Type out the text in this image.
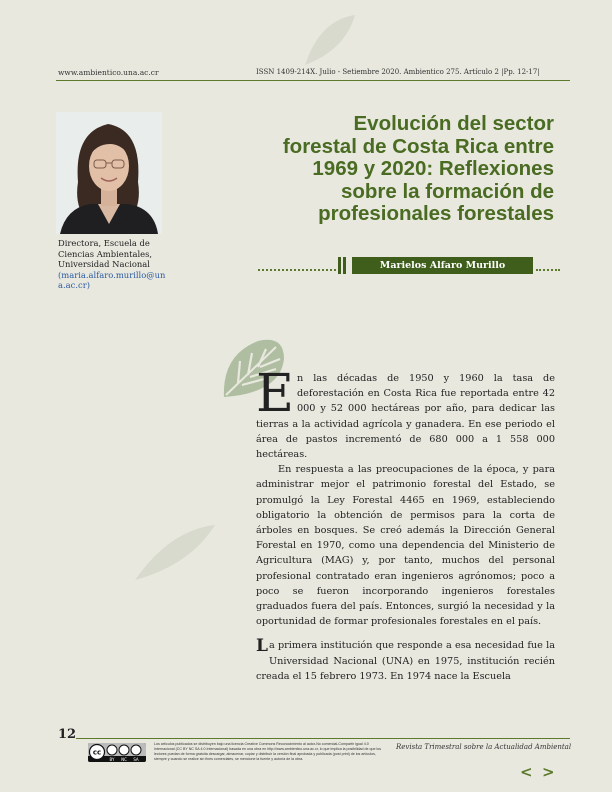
www.ambientico.una.ac.cr	ISSN 1409-214X. Julio - Setiembre 2020. Ambientico 275. Artículo 2 |Pp. 12-17|
Directora, Escuela de
Ciencias Ambientales,
Universidad Nacional
(maria.alfaro.murillo@una.ac.cr)
Evolución del sector
forestal de Costa Rica entre
1969 y 2020: Reflexiones
sobre la formación de
profesionales forestales
Marielos Alfaro Murillo

En las décadas de 1950 y 1960 la tasa de deforestación en Costa Rica fue reportada entre 42 000 y 52 000 hectáreas por año, para dedicar las tierras a la actividad agrícola y ganadera. En ese periodo el área de pastos incrementó de 680 000 a 1 558 000 hectáreas.

En respuesta a las preocupaciones de la época, y para administrar mejor el patrimonio forestal del Estado, se promulgó la Ley Forestal 4465 en 1969, estableciendo obligatorio la obtención de permisos para la corta de árboles en bosques. Se creó además la Dirección General Forestal en 1970, como una dependencia del Ministerio de Agricultura (MAG) y, por tanto, muchos del personal profesional contratado eran ingenieros agrónomos; poco a poco se fueron incorporando ingenieros forestales graduados fuera del país. Entonces, surgió la necesidad y la oportunidad de formar profesionales forestales en el país.

La primera institución que responde a esa necesidad fue la Universidad Nacional (UNA) en 1975, institución recién creada el 15 febrero 1973. En 1974 nace la Escuela

12
cc
BY NC SA
Los artículos publicados se distribuyen bajo una licencia Creative Commons Reconocimiento al autor-No comercial-Compartir igual 4.0 Internacional (CC BY NC SA 4.0 Internacional) basada en una obra en http://www.ambientico.una.ac.cr, lo que implica la posibilidad de que los lectores puedan de forma gratuita descargar, almacenar, copiar y distribuir la versión final aprobada y publicada (post print) de los artículos, siempre y cuando se realice sin fines comerciales, se mencione la fuente y autoría de la obra.
Revista Trimestral sobre la Actualidad Ambiental
< >
